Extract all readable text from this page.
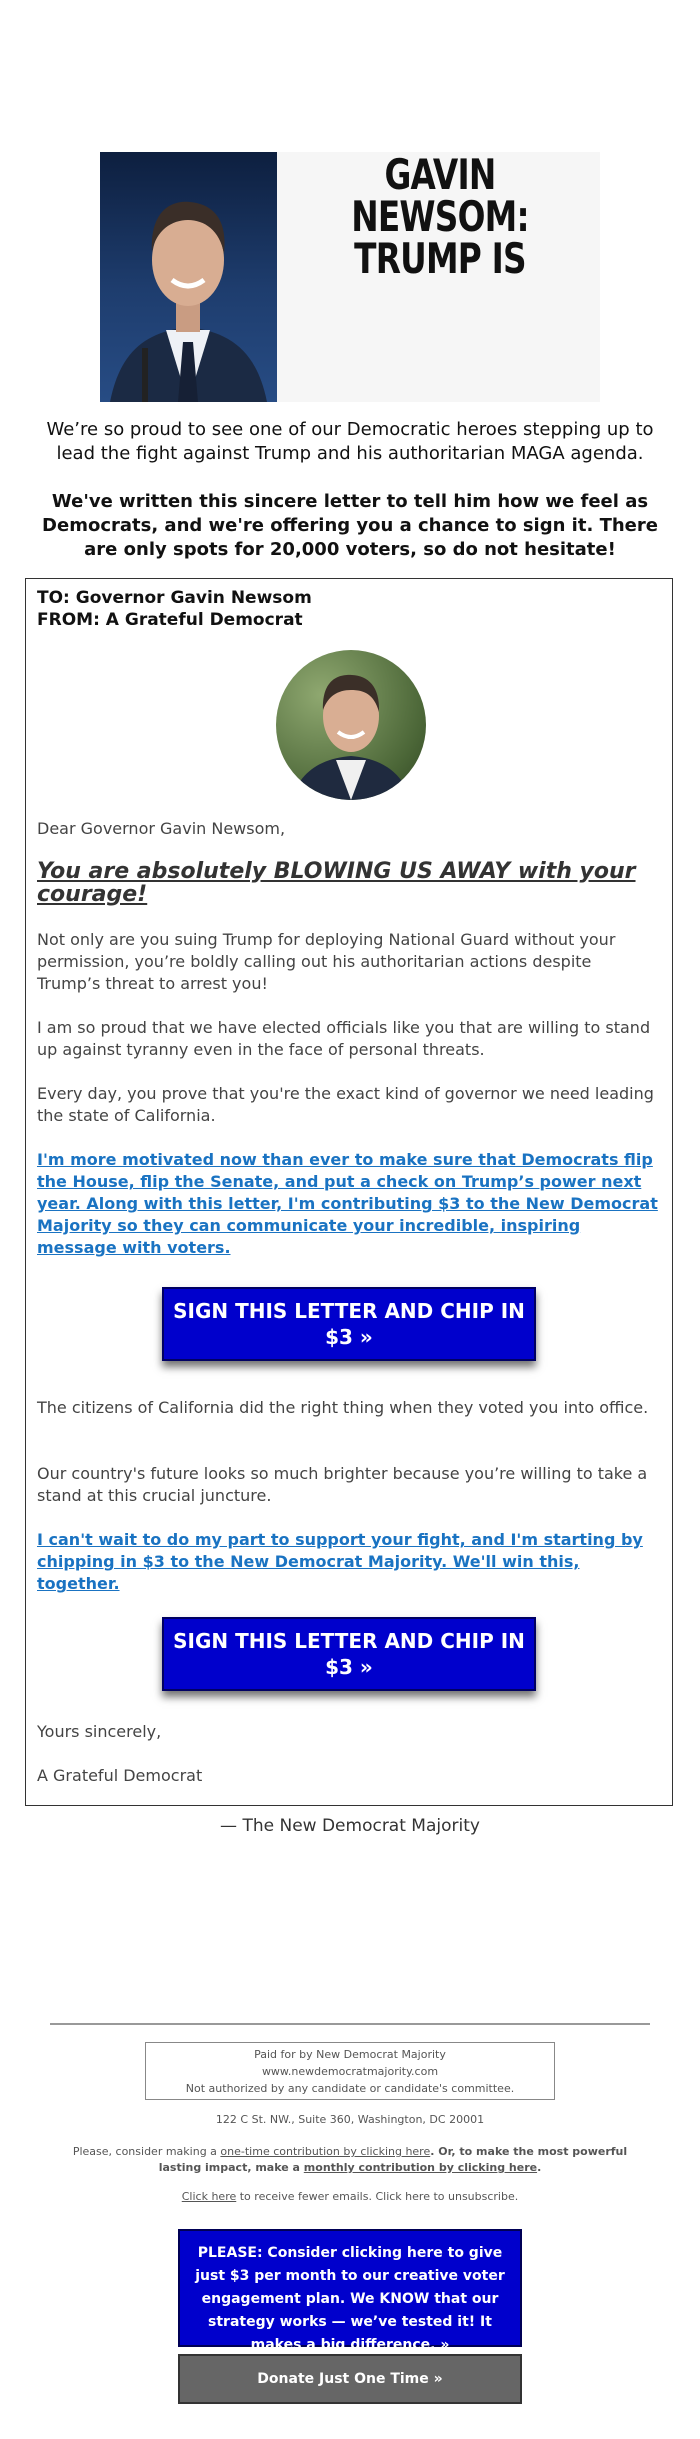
GAVIN NEWSOM:
TRUMP IS
We’re so proud to see one of our Democratic heroes stepping up to lead the fight against Trump and his authoritarian MAGA agenda.
We've written this sincere letter to tell him how we feel as Democrats, and we're offering you a chance to sign it. There are only spots for 20,000 voters, so do not hesitate!
TO: Governor Gavin Newsom
FROM: A Grateful Democrat
Dear Governor Gavin Newsom,
You are absolutely BLOWING US AWAY with your courage!
Not only are you suing Trump for deploying National Guard without your permission, you’re boldly calling out his authoritarian actions despite Trump’s threat to arrest you!
I am so proud that we have elected officials like you that are willing to stand up against tyranny even in the face of personal threats.
Every day, you prove that you're the exact kind of governor we need leading the state of California.
I'm more motivated now than ever to make sure that Democrats flip the House, flip the Senate, and put a check on Trump’s power next year. Along with this letter, I'm contributing $3 to the New Democrat Majority so they can communicate your incredible, inspiring message with voters.
SIGN THIS LETTER AND CHIP IN $3 »
The citizens of California did the right thing when they voted you into office.
Our country's future looks so much brighter because you’re willing to take a stand at this crucial juncture.
I can't wait to do my part to support your fight, and I'm starting by chipping in $3 to the New Democrat Majority. We'll win this, together.
SIGN THIS LETTER AND CHIP IN $3 »
Yours sincerely,
A Grateful Democrat
— The New Democrat Majority
Paid for by New Democrat Majority
www.newdemocratmajority.com
Not authorized by any candidate or candidate's committee.
122 C St. NW., Suite 360, Washington, DC 20001
Please, consider making a one-time contribution by clicking here. Or, to make the most powerful lasting impact, make a monthly contribution by clicking here.
Click here to receive fewer emails. Click here to unsubscribe.
PLEASE: Consider clicking here to give just $3 per month to our creative voter engagement plan. We KNOW that our strategy works — we’ve tested it! It makes a big difference. »
Donate Just One Time »
